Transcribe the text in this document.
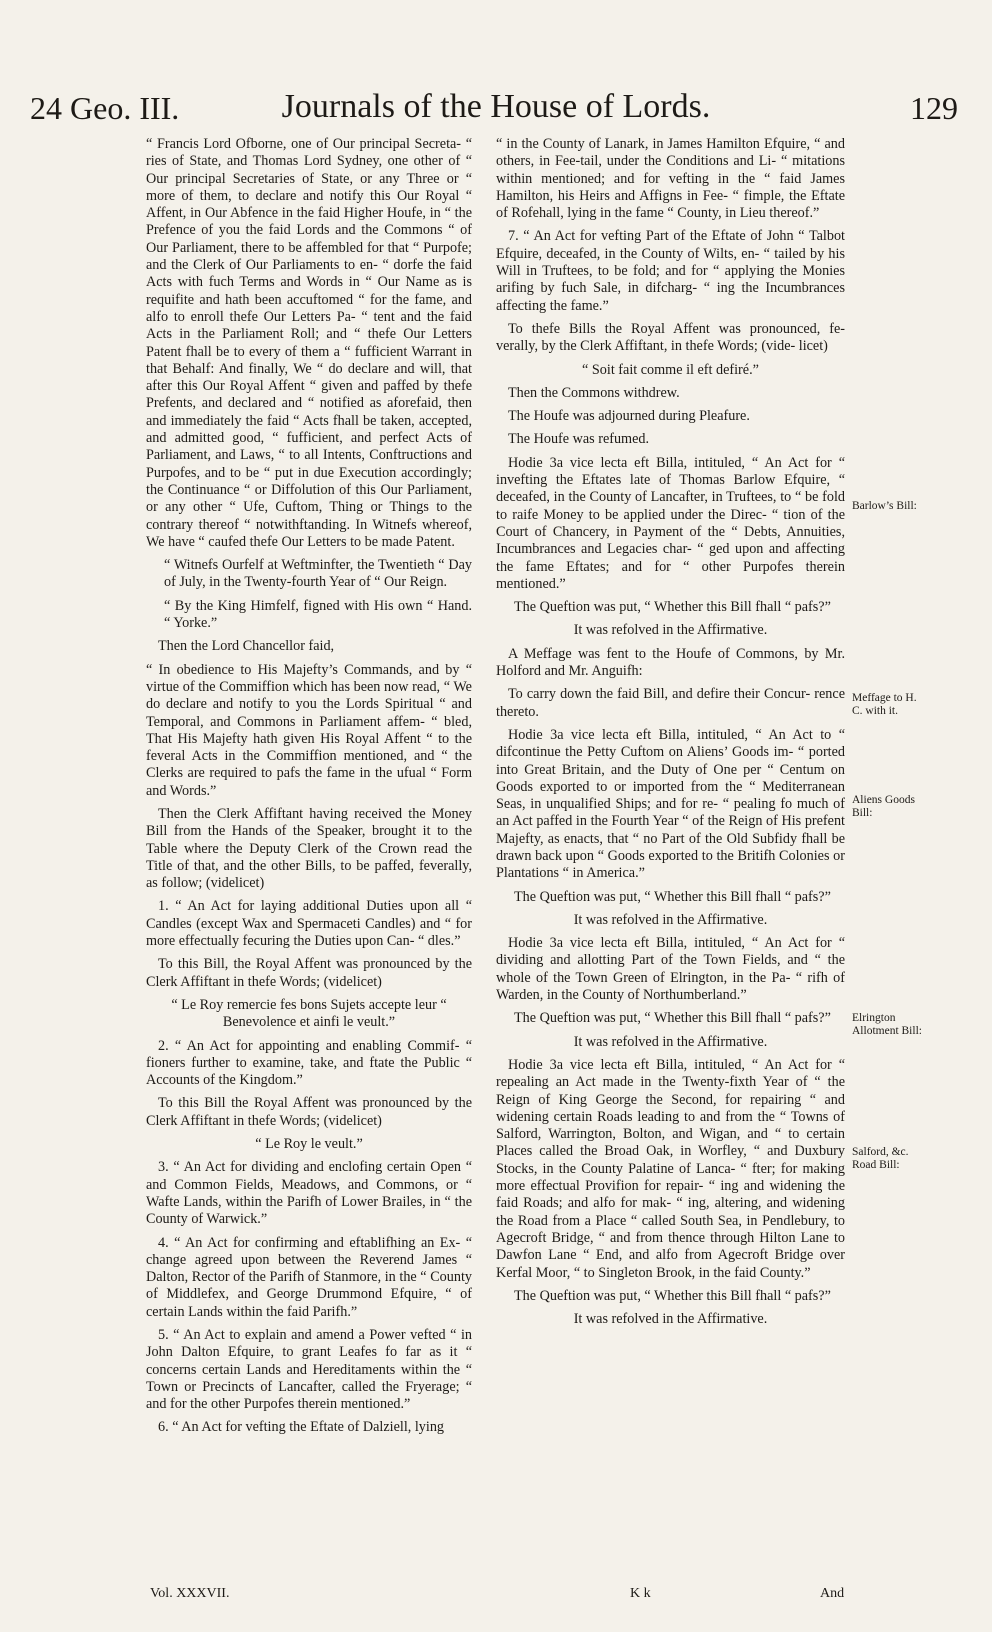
24 Geo. III.	Journals of the House of Lords.	129

“ Francis Lord Ofborne, one of Our principal Secreta- “ ries of State, and Thomas Lord Sydney, one other of “ Our principal Secretaries of State, or any Three or “ more of them, to declare and notify this Our Royal “ Affent, in Our Abfence in the faid Higher Houfe, in “ the Prefence of you the faid Lords and the Commons “ of Our Parliament, there to be affembled for that “ Purpofe; and the Clerk of Our Parliaments to en- “ dorfe the faid Acts with fuch Terms and Words in “ Our Name as is requifite and hath been accuftomed “ for the fame, and alfo to enroll thefe Our Letters Pa- “ tent and the faid Acts in the Parliament Roll; and “ thefe Our Letters Patent fhall be to every of them a “ fufficient Warrant in that Behalf: And finally, We “ do declare and will, that after this Our Royal Affent “ given and paffed by thefe Prefents, and declared and “ notified as aforefaid, then and immediately the faid “ Acts fhall be taken, accepted, and admitted good, “ fufficient, and perfect Acts of Parliament, and Laws, “ to all Intents, Conftructions and Purpofes, and to be “ put in due Execution accordingly; the Continuance “ or Diffolution of this Our Parliament, or any other “ Ufe, Cuftom, Thing or Things to the contrary thereof “ notwithftanding. In Witnefs whereof, We have “ caufed thefe Our Letters to be made Patent.

“ Witnefs Ourfelf at Weftminfter, the Twentieth “ Day of July, in the Twenty-fourth Year of “ Our Reign.

“ By the King Himfelf, figned with His own “ Hand. “ Yorke.”

Then the Lord Chancellor faid,

“ In obedience to His Majefty’s Commands, and by “ virtue of the Commiffion which has been now read, “ We do declare and notify to you the Lords Spiritual “ and Temporal, and Commons in Parliament affem- “ bled, That His Majefty hath given His Royal Affent “ to the feveral Acts in the Commiffion mentioned, and “ the Clerks are required to pafs the fame in the ufual “ Form and Words.”

Then the Clerk Affiftant having received the Money Bill from the Hands of the Speaker, brought it to the Table where the Deputy Clerk of the Crown read the Title of that, and the other Bills, to be paffed, feverally, as follow; (videlicet)

1. “ An Act for laying additional Duties upon all “ Candles (except Wax and Spermaceti Candles) and “ for more effectually fecuring the Duties upon Can- “ dles.”

To this Bill, the Royal Affent was pronounced by the Clerk Affiftant in thefe Words; (videlicet)

“ Le Roy remercie fes bons Sujets accepte leur “ Benevolence et ainfi le veult.”

2. “ An Act for appointing and enabling Commif- “ fioners further to examine, take, and ftate the Public “ Accounts of the Kingdom.”

To this Bill the Royal Affent was pronounced by the Clerk Affiftant in thefe Words; (videlicet)

“ Le Roy le veult.”

3. “ An Act for dividing and enclofing certain Open “ and Common Fields, Meadows, and Commons, or “ Wafte Lands, within the Parifh of Lower Brailes, in “ the County of Warwick.”

4. “ An Act for confirming and eftablifhing an Ex- “ change agreed upon between the Reverend James “ Dalton, Rector of the Parifh of Stanmore, in the “ County of Middlefex, and George Drummond Efquire, “ of certain Lands within the faid Parifh.”

5. “ An Act to explain and amend a Power vefted “ in John Dalton Efquire, to grant Leafes fo far as it “ concerns certain Lands and Hereditaments within the “ Town or Precincts of Lancafter, called the Fryerage; “ and for the other Purpofes therein mentioned.”

6. “ An Act for vefting the Eftate of Dalziell, lying

“ in the County of Lanark, in James Hamilton Efquire, “ and others, in Fee-tail, under the Conditions and Li- “ mitations within mentioned; and for vefting in the “ faid James Hamilton, his Heirs and Affigns in Fee- “ fimple, the Eftate of Rofehall, lying in the fame “ County, in Lieu thereof.”

7. “ An Act for vefting Part of the Eftate of John “ Talbot Efquire, deceafed, in the County of Wilts, en- “ tailed by his Will in Truftees, to be fold; and for “ applying the Monies arifing by fuch Sale, in difcharg- “ ing the Incumbrances affecting the fame.”

To thefe Bills the Royal Affent was pronounced, fe- verally, by the Clerk Affiftant, in thefe Words; (vide- licet)

“ Soit fait comme il eft defiré.”

Then the Commons withdrew.

The Houfe was adjourned during Pleafure.

The Houfe was refumed.

Hodie 3a vice lecta eft Billa, intituled, “ An Act for “ invefting the Eftates late of Thomas Barlow Efquire, “ deceafed, in the County of Lancafter, in Truftees, to “ be fold to raife Money to be applied under the Direc- “ tion of the Court of Chancery, in Payment of the “ Debts, Annuities, Incumbrances and Legacies char- “ ged upon and affecting the fame Eftates; and for “ other Purpofes therein mentioned.”

The Queftion was put, “ Whether this Bill fhall “ pafs?”

It was refolved in the Affirmative.

A Meffage was fent to the Houfe of Commons, by Mr. Holford and Mr. Anguifh:

To carry down the faid Bill, and defire their Concur- rence thereto.

Hodie 3a vice lecta eft Billa, intituled, “ An Act to “ difcontinue the Petty Cuftom on Aliens’ Goods im- “ ported into Great Britain, and the Duty of One per “ Centum on Goods exported to or imported from the “ Mediterranean Seas, in unqualified Ships; and for re- “ pealing fo much of an Act paffed in the Fourth Year “ of the Reign of His prefent Majefty, as enacts, that “ no Part of the Old Subfidy fhall be drawn back upon “ Goods exported to the Britifh Colonies or Plantations “ in America.”

The Queftion was put, “ Whether this Bill fhall “ pafs?”

It was refolved in the Affirmative.

Hodie 3a vice lecta eft Billa, intituled, “ An Act for “ dividing and allotting Part of the Town Fields, and “ the whole of the Town Green of Elrington, in the Pa- “ rifh of Warden, in the County of Northumberland.”

The Queftion was put, “ Whether this Bill fhall “ pafs?”

It was refolved in the Affirmative.

Hodie 3a vice lecta eft Billa, intituled, “ An Act for “ repealing an Act made in the Twenty-fixth Year of “ the Reign of King George the Second, for repairing “ and widening certain Roads leading to and from the “ Towns of Salford, Warrington, Bolton, and Wigan, and “ to certain Places called the Broad Oak, in Worfley, “ and Duxbury Stocks, in the County Palatine of Lanca- “ fter; for making more effectual Provifion for repair- “ ing and widening the faid Roads; and alfo for mak- “ ing, altering, and widening the Road from a Place “ called South Sea, in Pendlebury, to Agecroft Bridge, “ and from thence through Hilton Lane to Dawfon Lane “ End, and alfo from Agecroft Bridge over Kerfal Moor, “ to Singleton Brook, in the faid County.”

The Queftion was put, “ Whether this Bill fhall “ pafs?”

It was refolved in the Affirmative.

Barlow’s Bill:
Meffage to H. C. with it.
Aliens Goods Bill:
Elrington Allotment Bill:
Salford, &c. Road Bill:
Vol. XXXVII.	K k	And
